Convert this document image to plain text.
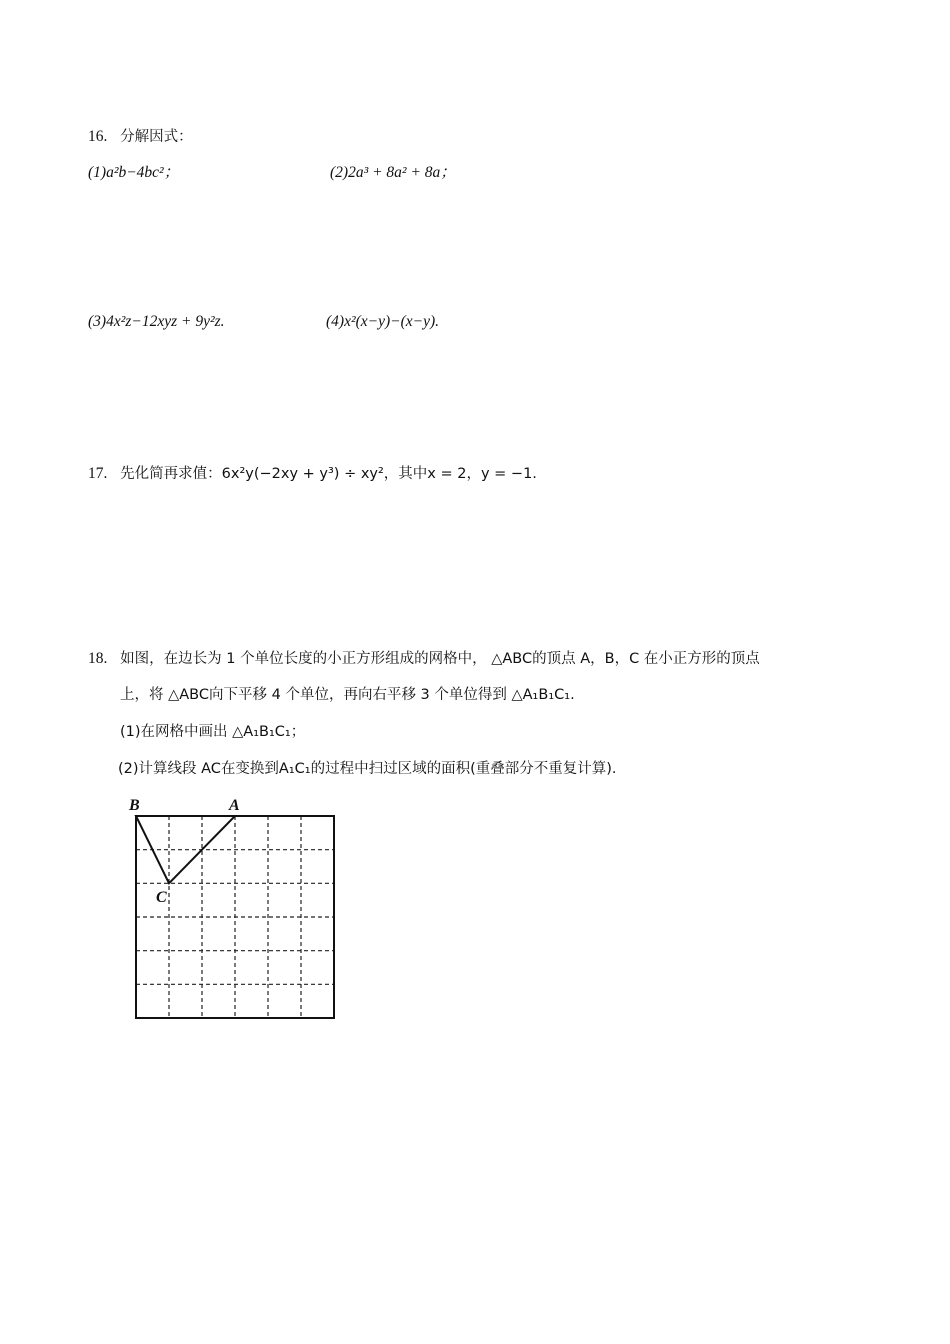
16. 分解因式：
(1)a²b−4bc²；	(2)2a³ + 8a² + 8a；
(3)4x²z−12xyz + 9y²z.	(4)x²(x−y)−(x−y).
17. 先化简再求值：6x²y(−2xy + y³) ÷ xy²，其中x = 2，y = −1.
18. 如图，在边长为 1 个单位长度的小正方形组成的网格中， △ABC的顶点 A，B，C 在小正方形的顶点
上，将 △ABC向下平移 4 个单位，再向右平移 3 个单位得到 △A₁B₁C₁.
(1)在网格中画出 △A₁B₁C₁；
(2)计算线段 AC在变换到A₁C₁的过程中扫过区域的面积(重叠部分不重复计算).
B	A
C
